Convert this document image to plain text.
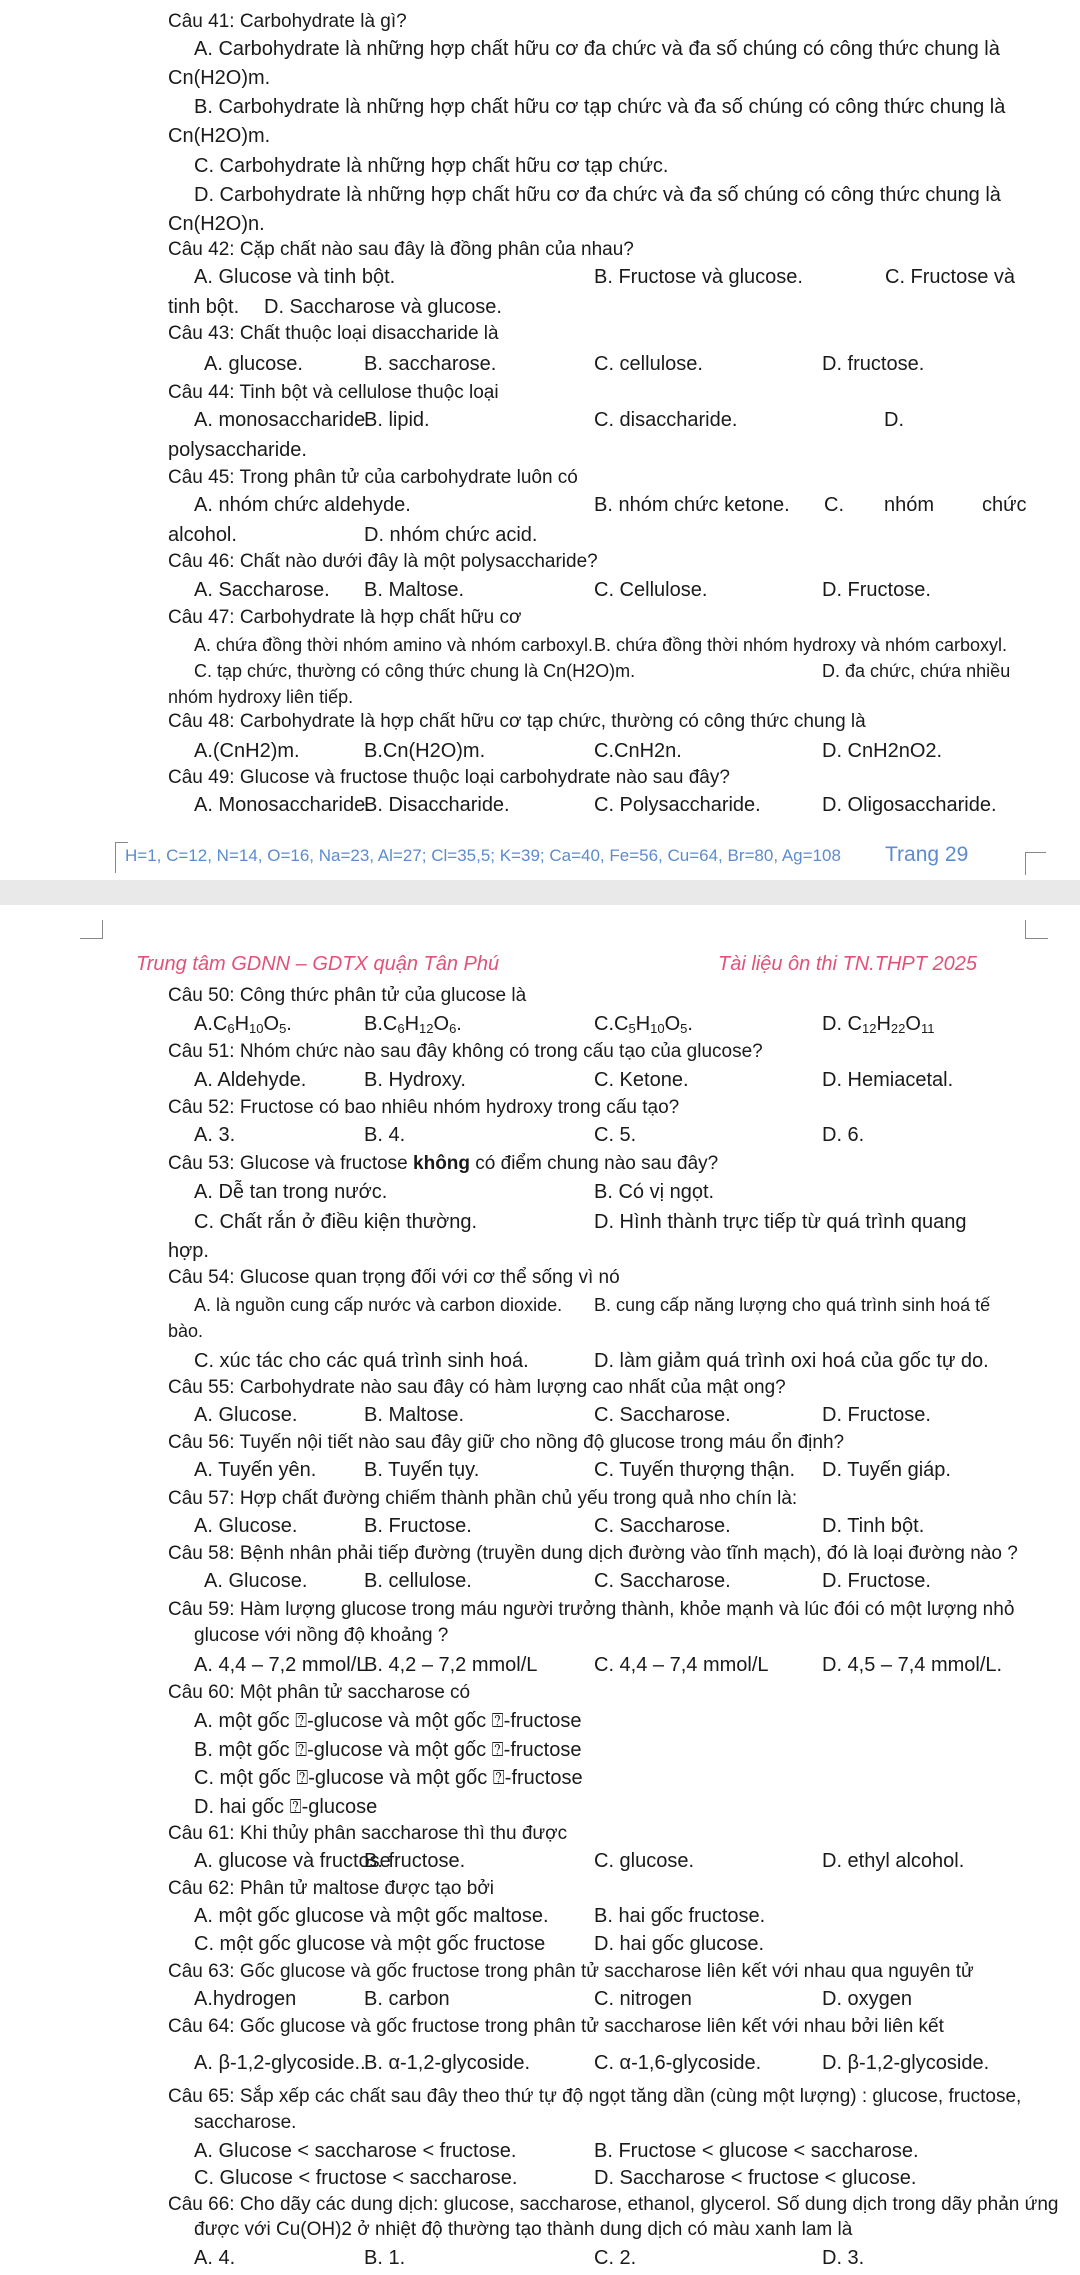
Câu 41: Carbohydrate là gì?
A. Carbohydrate là những hợp chất hữu cơ đa chức và đa số chúng có công thức chung là
Cn(H2O)m.
B. Carbohydrate là những hợp chất hữu cơ tạp chức và đa số chúng có công thức chung là
Cn(H2O)m.
C. Carbohydrate là những hợp chất hữu cơ tạp chức.
D. Carbohydrate là những hợp chất hữu cơ đa chức và đa số chúng có công thức chung là
Cn(H2O)n.
Câu 42: Cặp chất nào sau đây là đồng phân của nhau?
A. Glucose và tinh bột.	B. Fructose và glucose.	C. Fructose và
tinh bột. D. Saccharose và glucose.
Câu 43: Chất thuộc loại disaccharide là
A. glucose.	B. saccharose.	C. cellulose.	D. fructose.
Câu 44: Tinh bột và cellulose thuộc loại
A. monosaccharide.
B. lipid.	C. disaccharide.	D.
polysaccharide.
Câu 45: Trong phân tử của carbohydrate luôn có
A. nhóm chức aldehyde.	B. nhóm chức ketone. C. nhóm chức
alcohol.	D. nhóm chức acid.
Câu 46: Chất nào dưới đây là một polysaccharide?
A. Saccharose. B. Maltose.	C. Cellulose.	D. Fructose.
Câu 47: Carbohydrate là hợp chất hữu cơ
A. chứa đồng thời nhóm amino và nhóm carboxyl. B. chứa đồng thời nhóm hydroxy và nhóm carboxyl.
C. tạp chức, thường có công thức chung là Cn(H2O)m.	D. đa chức, chứa nhiều
nhóm hydroxy liên tiếp.
Câu 48: Carbohydrate là hợp chất hữu cơ tạp chức, thường có công thức chung là
A.(CnH2)m.	B.Cn(H2O)m.	C.CnH2n.	D. CnH2nO2.
Câu 49: Glucose và fructose thuộc loại carbohydrate nào sau đây?
A. Monosaccharide.
B. Disaccharide.	C. Polysaccharide.	D. Oligosaccharide.
H=1, C=12, N=14, O=16, Na=23, Al=27; Cl=35,5; K=39; Ca=40, Fe=56, Cu=64, Br=80, Ag=108 Trang 29
Trung tâm GDNN – GDTX quận Tân Phú	Tài liệu ôn thi TN.THPT 2025
Câu 50: Công thức phân tử của glucose là
$A.C_6H_{10}O_5$.	$B.C_6H_{12}O_6$.	$C.C_5H_{10}O_5$.	D. $C_{12}H_{22}O_{11}$
Câu 51: Nhóm chức nào sau đây không có trong cấu tạo của glucose?
A. Aldehyde.	B. Hydroxy.	C. Ketone.	D. Hemiacetal.
Câu 52: Fructose có bao nhiêu nhóm hydroxy trong cấu tạo?
A. 3.	B. 4.	C. 5.	D. 6.
Câu 53: Glucose và fructose không có điểm chung nào sau đây?
A. Dễ tan trong nước.	B. Có vị ngọt.
C. Chất rắn ở điều kiện thường.	D. Hình thành trực tiếp từ quá trình quang
hợp.
Câu 54: Glucose quan trọng đối với cơ thể sống vì nó
A. là nguồn cung cấp nước và carbon dioxide. B. cung cấp năng lượng cho quá trình sinh hoá tế
bào.
C. xúc tác cho các quá trình sinh hoá.	D. làm giảm quá trình oxi hoá của gốc tự do.
Câu 55: Carbohydrate nào sau đây có hàm lượng cao nhất của mật ong?
A. Glucose.	B. Maltose.	C. Saccharose.	D. Fructose.
Câu 56: Tuyến nội tiết nào sau đây giữ cho nồng độ glucose trong máu ổn định?
A. Tuyến yên. B. Tuyến tụy.	C. Tuyến thượng thận. D. Tuyến giáp.
Câu 57: Hợp chất đường chiếm thành phần chủ yếu trong quả nho chín là:
A. Glucose.	B. Fructose.	C. Saccharose.	D. Tinh bột.
Câu 58: Bệnh nhân phải tiếp đường (truyền dung dịch đường vào tĩnh mạch), đó là loại đường nào ?
A. Glucose.	B. cellulose.	C. Saccharose.	D. Fructose.
Câu 59: Hàm lượng glucose trong máu người trưởng thành, khỏe mạnh và lúc đói có một lượng nhỏ
glucose với nồng độ khoảng ?
A. 4,4 – 7,2 mmol/L
B. 4,2 – 7,2 mmol/L	C. 4,4 – 7,4 mmol/L	D. 4,5 – 7,4 mmol/L.
Câu 60: Một phân tử saccharose có
A. một gốc ⍰-glucose và một gốc ⍰-fructose
B. một gốc ⍰-glucose và một gốc ⍰-fructose
C. một gốc ⍰-glucose và một gốc ⍰-fructose
D. hai gốc ⍰-glucose
Câu 61: Khi thủy phân saccharose thì thu được
A. glucose và fructose
B. fructose.	C. glucose.	D. ethyl alcohol.
Câu 62: Phân tử maltose được tạo bởi
A. một gốc glucose và một gốc maltose. B. hai gốc fructose.
C. một gốc glucose và một gốc fructose D. hai gốc glucose.
Câu 63: Gốc glucose và gốc fructose trong phân tử saccharose liên kết với nhau qua nguyên tử
A.hydrogen	B. carbon	C. nitrogen	D. oxygen
Câu 64: Gốc glucose và gốc fructose trong phân tử saccharose liên kết với nhau bởi liên kết
A. β-1,2-glycoside..
B. α-1,2-glycoside.	C. α-1,6-glycoside.	D. β-1,2-glycoside.
Câu 65: Sắp xếp các chất sau đây theo thứ tự độ ngọt tăng dần (cùng một lượng) : glucose, fructose,
saccharose.
A. Glucose < saccharose < fructose.	B. Fructose < glucose < saccharose.
C. Glucose < fructose < saccharose.	D. Saccharose < fructose < glucose.
Câu 66: Cho dãy các dung dịch: glucose, saccharose, ethanol, glycerol. Số dung dịch trong dãy phản ứng
được với Cu(OH)2 ở nhiệt độ thường tạo thành dung dịch có màu xanh lam là
A. 4.	B. 1.	C. 2.	D. 3.
